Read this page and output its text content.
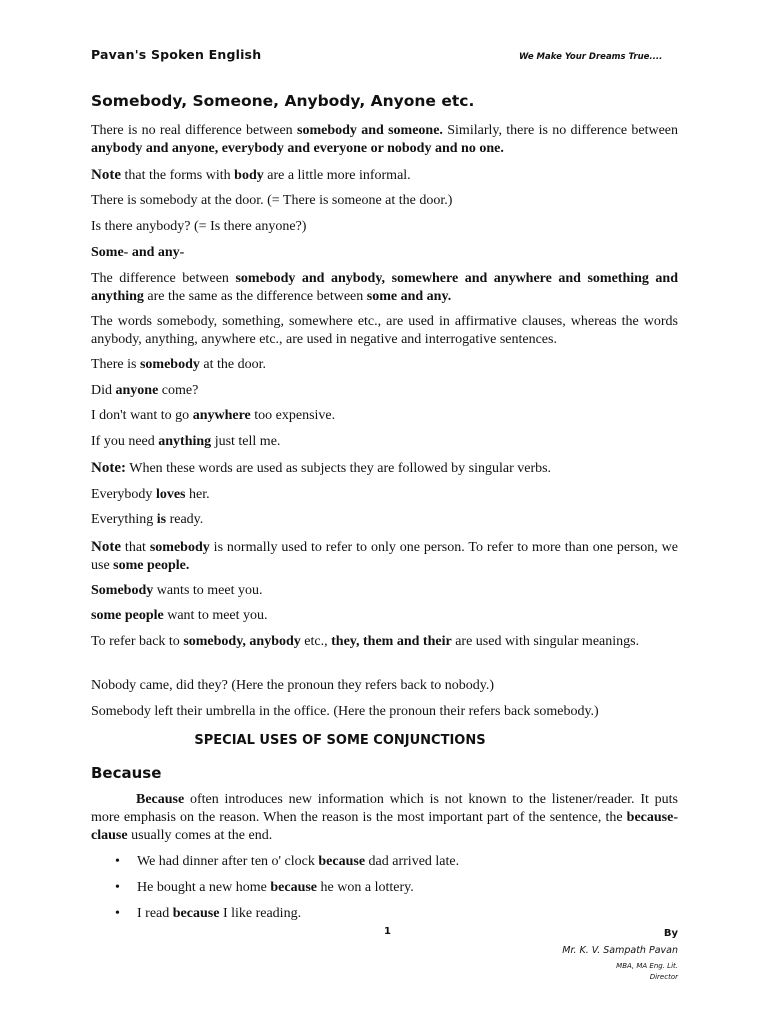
Pavan's Spoken English	We Make Your Dreams True....
Somebody, Someone, Anybody, Anyone etc.

There is no real difference between somebody and someone. Similarly, there is no difference between anybody and anyone, everybody and everyone or nobody and no one.

Note that the forms with body are a little more informal.

There is somebody at the door. (= There is someone at the door.)

Is there anybody? (= Is there anyone?)

Some- and any-

The difference between somebody and anybody, somewhere and anywhere and something and anything are the same as the difference between some and any.

The words somebody, something, somewhere etc., are used in affirmative clauses, whereas the words anybody, anything, anywhere etc., are used in negative and interrogative sentences.

There is somebody at the door.

Did anyone come?

I don't want to go anywhere too expensive.

If you need anything just tell me.

Note: When these words are used as subjects they are followed by singular verbs.

Everybody loves her.

Everything is ready.

Note that somebody is normally used to refer to only one person. To refer to more than one person, we use some people.

Somebody wants to meet you.

some people want to meet you.

To refer back to somebody, anybody etc., they, them and their are used with singular meanings.

Nobody came, did they? (Here the pronoun they refers back to nobody.)

Somebody left their umbrella in the office. (Here the pronoun their refers back somebody.)

Because often introduces new information which is not known to the listener/reader. It puts more emphasis on the reason. When the reason is the most important part of the sentence, the because-clause usually comes at the end.

• We had dinner after ten o' clock because dad arrived late.
• He bought a new home because he won a lottery.
• I read because I like reading.
SPECIAL USES OF SOME CONJUNCTIONS
Because
1	By
Mr. K. V. Sampath Pavan
MBA, MA Eng. Lit.
Director
